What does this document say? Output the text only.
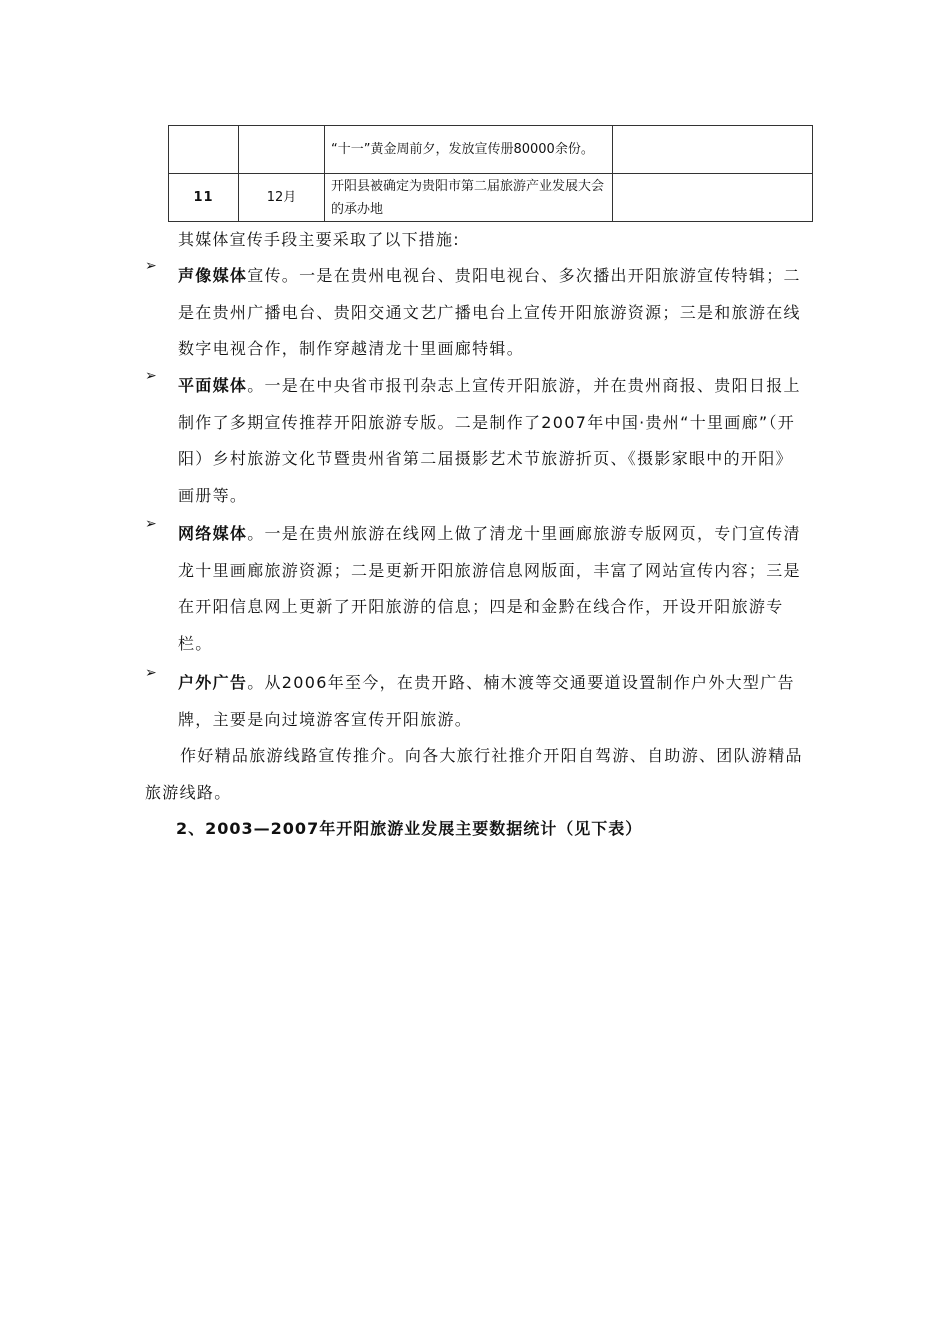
		“十一”黄金周前夕，发放宣传册80000余份。	
11	12月	开阳县被确定为贵阳市第二届旅游产业发展大会的承办地	
其媒体宣传手段主要采取了以下措施:
➢ 声像媒体宣传。一是在贵州电视台、贵阳电视台、多次播出开阳旅游宣传特辑；二是在贵州广播电台、贵阳交通文艺广播电台上宣传开阳旅游资源；三是和旅游在线数字电视合作，制作穿越清龙十里画廊特辑。
➢ 平面媒体。一是在中央省市报刊杂志上宣传开阳旅游，并在贵州商报、贵阳日报上制作了多期宣传推荐开阳旅游专版。二是制作了2007年中国·贵州“十里画廊”（开阳）乡村旅游文化节暨贵州省第二届摄影艺术节旅游折页、《摄影家眼中的开阳》画册等。
➢ 网络媒体。一是在贵州旅游在线网上做了清龙十里画廊旅游专版网页，专门宣传清龙十里画廊旅游资源；二是更新开阳旅游信息网版面，丰富了网站宣传内容；三是在开阳信息网上更新了开阳旅游的信息；四是和金黔在线合作，开设开阳旅游专栏。
➢ 户外广告。从2006年至今，在贵开路、楠木渡等交通要道设置制作户外大型广告牌，主要是向过境游客宣传开阳旅游。
作好精品旅游线路宣传推介。向各大旅行社推介开阳自驾游、自助游、团队游精品旅游线路。
2、2003—2007年开阳旅游业发展主要数据统计（见下表）
